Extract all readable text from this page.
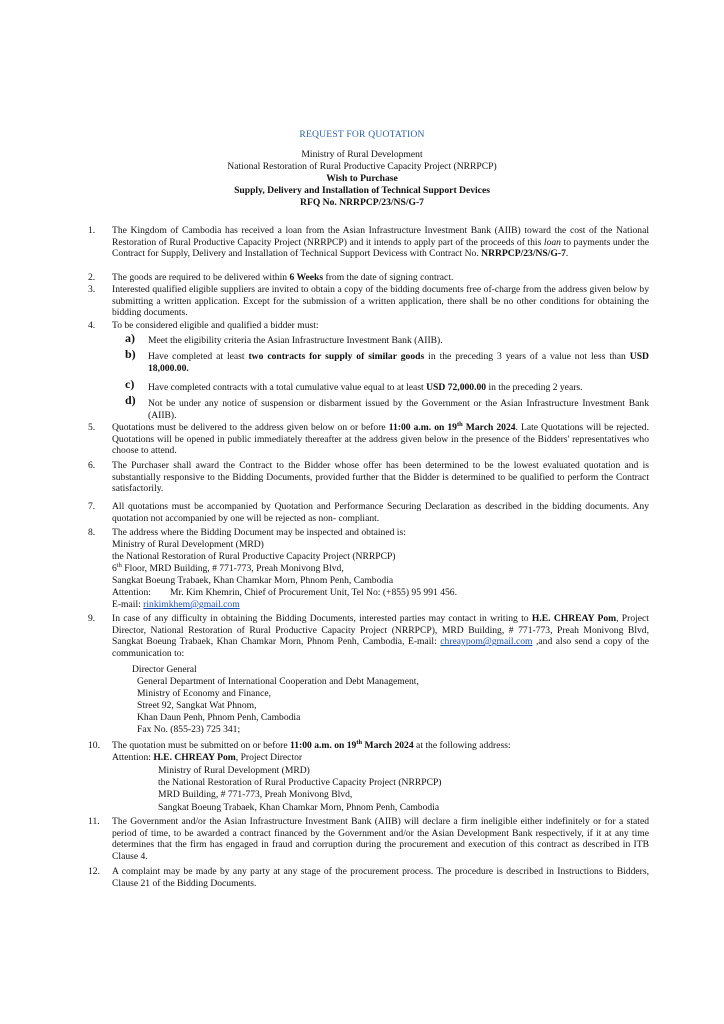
REQUEST FOR QUOTATION
Ministry of Rural Development
National Restoration of Rural Productive Capacity Project (NRRPCP)
Wish to Purchase
Supply, Delivery and Installation of Technical Support Devices
RFQ No. NRRPCP/23/NS/G-7
1. The Kingdom of Cambodia has received a loan from the Asian Infrastructure Investment Bank (AIIB) toward the cost of the National Restoration of Rural Productive Capacity Project (NRRPCP) and it intends to apply part of the proceeds of this loan to payments under the Contract for Supply, Delivery and Installation of Technical Support Devicess with Contract No. NRRPCP/23/NS/G-7.
2. The goods are required to be delivered within 6 Weeks from the date of signing contract.
3. Interested qualified eligible suppliers are invited to obtain a copy of the bidding documents free of-charge from the address given below by submitting a written application. Except for the submission of a written application, there shall be no other conditions for obtaining the bidding documents.
4. To be considered eligible and qualified a bidder must:
a) Meet the eligibility criteria the Asian Infrastructure Investment Bank (AIIB).
b) Have completed at least two contracts for supply of similar goods in the preceding 3 years of a value not less than USD 18,000.00.
c) Have completed contracts with a total cumulative value equal to at least USD 72,000.00 in the preceding 2 years.
d) Not be under any notice of suspension or disbarment issued by the Government or the Asian Infrastructure Investment Bank (AIIB).
5. Quotations must be delivered to the address given below on or before 11:00 a.m. on 19th March 2024. Late Quotations will be rejected. Quotations will be opened in public immediately thereafter at the address given below in the presence of the Bidders' representatives who choose to attend.
6. The Purchaser shall award the Contract to the Bidder whose offer has been determined to be the lowest evaluated quotation and is substantially responsive to the Bidding Documents, provided further that the Bidder is determined to be qualified to perform the Contract satisfactorily.
7. All quotations must be accompanied by Quotation and Performance Securing Declaration as described in the bidding documents. Any quotation not accompanied by one will be rejected as non- compliant.
8. The address where the Bidding Document may be inspected and obtained is:
Ministry of Rural Development (MRD)
the National Restoration of Rural Productive Capacity Project (NRRPCP)
6th Floor, MRD Building, # 771-773, Preah Monivong Blvd,
Sangkat Boeung Trabaek, Khan Chamkar Morn, Phnom Penh, Cambodia
Attention: Mr. Kim Khemrin, Chief of Procurement Unit, Tel No: (+855) 95 991 456.
E-mail: rinkimkhem@gmail.com
9. In case of any difficulty in obtaining the Bidding Documents, interested parties may contact in writing to H.E. CHREAY Pom, Project Director, National Restoration of Rural Productive Capacity Project (NRRPCP), MRD Building, # 771-773, Preah Monivong Blvd, Sangkat Boeung Trabaek, Khan Chamkar Morn, Phnom Penh, Cambodia, E-mail: chreaypom@gmail.com ,and also send a copy of the communication to:
Director General
General Department of International Cooperation and Debt Management,
Ministry of Economy and Finance,
Street 92, Sangkat Wat Phnom,
Khan Daun Penh, Phnom Penh, Cambodia
Fax No. (855-23) 725 341;
10. The quotation must be submitted on or before 11:00 a.m. on 19th March 2024 at the following address:
Attention: H.E. CHREAY Pom, Project Director
Ministry of Rural Development (MRD)
the National Restoration of Rural Productive Capacity Project (NRRPCP)
MRD Building, # 771-773, Preah Monivong Blvd,
Sangkat Boeung Trabaek, Khan Chamkar Morn, Phnom Penh, Cambodia
11. The Government and/or the Asian Infrastructure Investment Bank (AIIB) will declare a firm ineligible either indefinitely or for a stated period of time, to be awarded a contract financed by the Government and/or the Asian Development Bank respectively, if it at any time determines that the firm has engaged in fraud and corruption during the procurement and execution of this contract as described in ITB Clause 4.
12. A complaint may be made by any party at any stage of the procurement process. The procedure is described in Instructions to Bidders, Clause 21 of the Bidding Documents.
